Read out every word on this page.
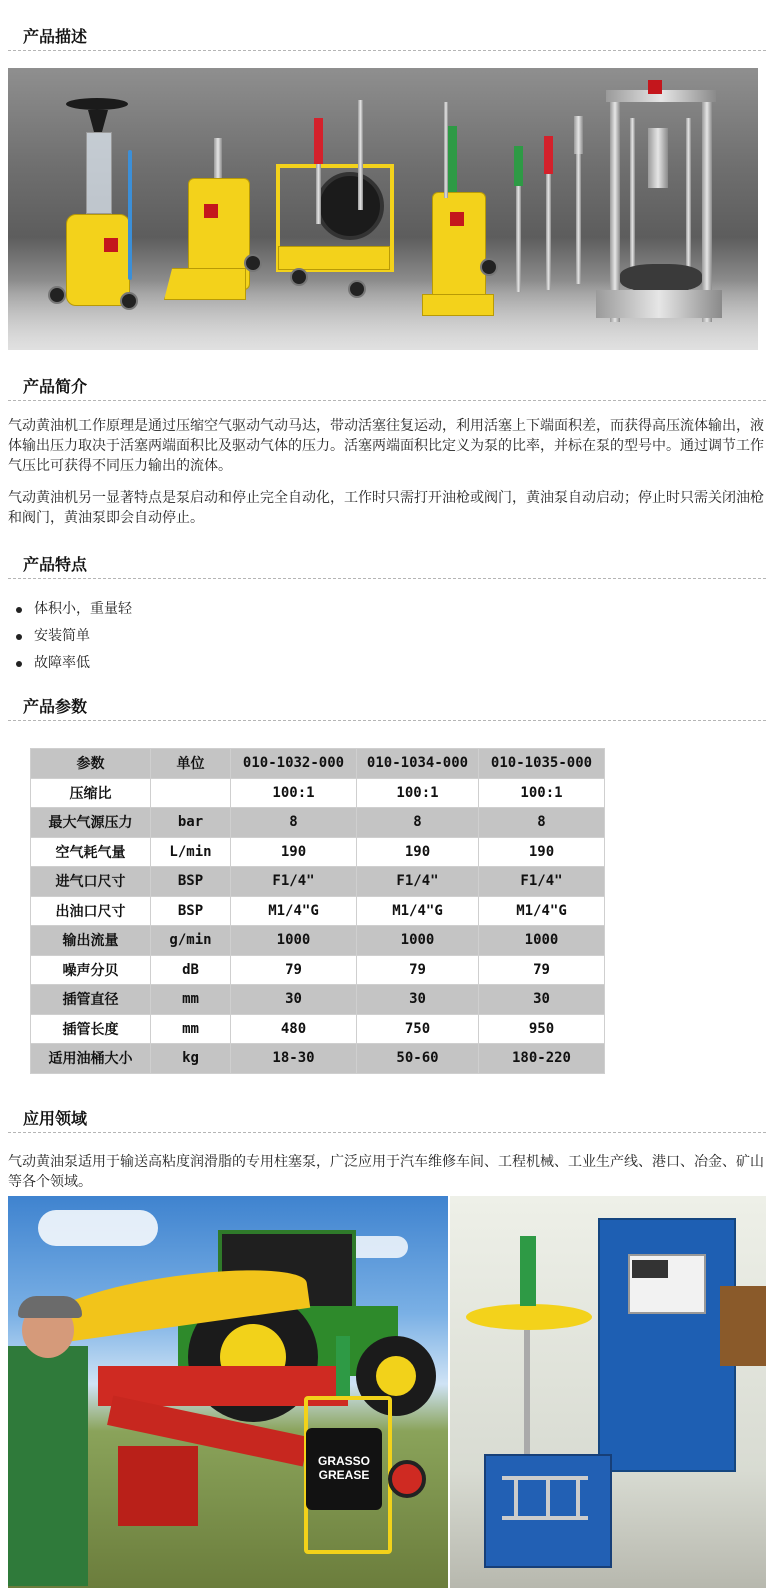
产品描述
产品简介
气动黄油机工作原理是通过压缩空气驱动气动马达，带动活塞往复运动，利用活塞上下端面积差，而获得高压流体输出，液体输出压力取决于活塞两端面积比及驱动气体的压力。活塞两端面积比定义为泵的比率，并标在泵的型号中。通过调节工作气压比可获得不同压力输出的流体。
气动黄油机另一显著特点是泵启动和停止完全自动化，工作时只需打开油枪或阀门，黄油泵自动启动；停止时只需关闭油枪和阀门，黄油泵即会自动停止。
产品特点
体积小，重量轻
安装简单
故障率低
产品参数
参数	单位	010-1032-000	010-1034-000	010-1035-000
压缩比		100:1	100:1	100:1
最大气源压力	bar	8	8	8
空气耗气量	L/min	190	190	190
进气口尺寸	BSP	F1/4"	F1/4"	F1/4"
出油口尺寸	BSP	M1/4"G	M1/4"G	M1/4"G
输出流量	g/min	1000	1000	1000
噪声分贝	dB	79	79	79
插管直径	mm	30	30	30
插管长度	mm	480	750	950
适用油桶大小	kg	18-30	50-60	180-220
应用领域
气动黄油泵适用于输送高粘度润滑脂的专用柱塞泵，广泛应用于汽车维修车间、工程机械、工业生产线、港口、冶金、矿山等各个领域。
GRASSO
GREASE
